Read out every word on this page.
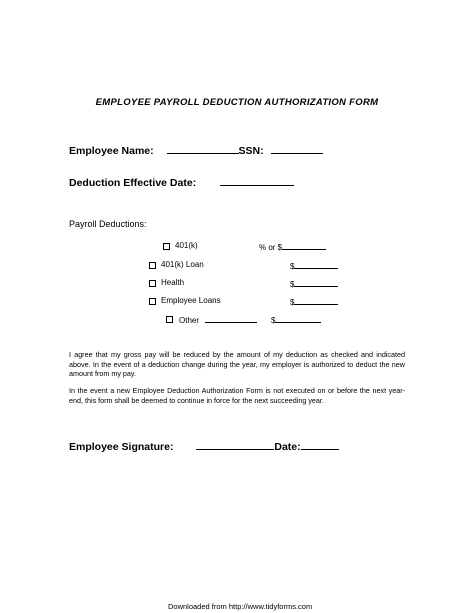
EMPLOYEE PAYROLL DEDUCTION AUTHORIZATION FORM
Employee Name:	SSN:
Deduction Effective Date:
Payroll Deductions:
401(k)	% or $
401(k) Loan	$
Health	$
Employee Loans	$
Other	$
I agree that my gross pay will be reduced by the amount of my deduction as checked and indicated above. In the event of a deduction change during the year, my employer is authorized to deduct the new amount from my pay.
In the event a new Employee Deduction Authorization Form is not executed on or before the next year-end, this form shall be deemed to continue in force for the next succeeding year.
Employee Signature:	Date:
Downloaded from http://www.tidyforms.com
